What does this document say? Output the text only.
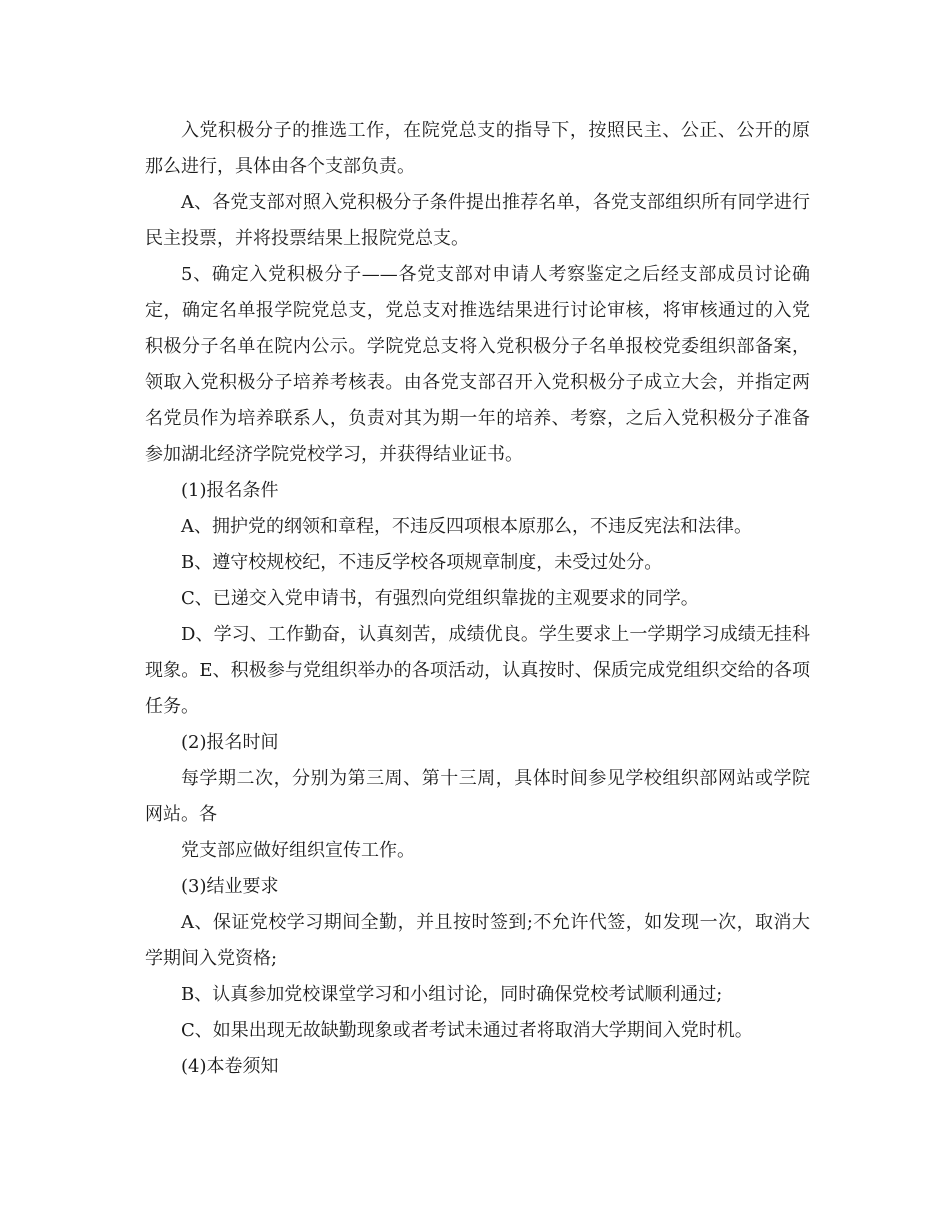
入党积极分子的推选工作，在院党总支的指导下，按照民主、公正、公开的原那么进行，具体由各个支部负责。

A、各党支部对照入党积极分子条件提出推荐名单，各党支部组织所有同学进行民主投票，并将投票结果上报院党总支。

5、确定入党积极分子——各党支部对申请人考察鉴定之后经支部成员讨论确定，确定名单报学院党总支，党总支对推选结果进行讨论审核，将审核通过的入党积极分子名单在院内公示。学院党总支将入党积极分子名单报校党委组织部备案，领取入党积极分子培养考核表。由各党支部召开入党积极分子成立大会，并指定两名党员作为培养联系人，负责对其为期一年的培养、考察，之后入党积极分子准备参加湖北经济学院党校学习，并获得结业证书。

(1)报名条件

A、拥护党的纲领和章程，不违反四项根本原那么，不违反宪法和法律。

B、遵守校规校纪，不违反学校各项规章制度，未受过处分。

C、已递交入党申请书，有强烈向党组织靠拢的主观要求的同学。

D、学习、工作勤奋，认真刻苦，成绩优良。学生要求上一学期学习成绩无挂科现象。E、积极参与党组织举办的各项活动，认真按时、保质完成党组织交给的各项任务。

(2)报名时间

每学期二次，分别为第三周、第十三周，具体时间参见学校组织部网站或学院网站。各

党支部应做好组织宣传工作。

(3)结业要求

A、保证党校学习期间全勤，并且按时签到;不允许代签，如发现一次，取消大学期间入党资格;

B、认真参加党校课堂学习和小组讨论，同时确保党校考试顺利通过;

C、如果出现无故缺勤现象或者考试未通过者将取消大学期间入党时机。

(4)本卷须知
